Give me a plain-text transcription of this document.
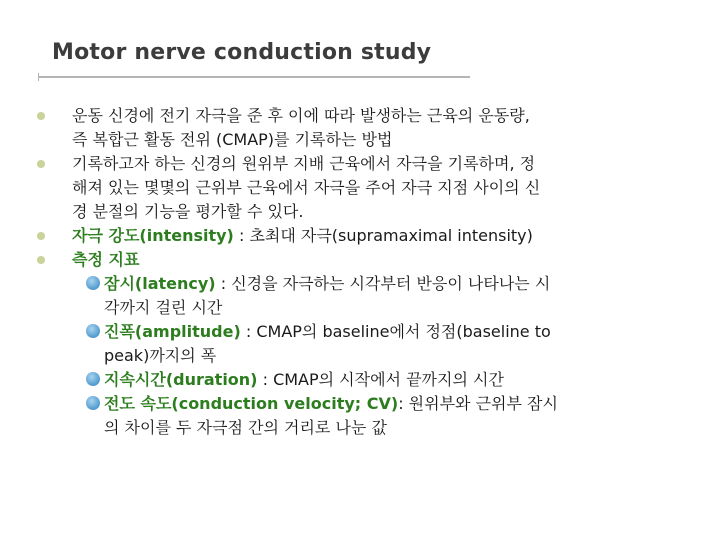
Motor nerve conduction study
운동 신경에 전기 자극을 준 후 이에 따라 발생하는 근육의 운동량,
즉 복합근 활동 전위 (CMAP)를 기록하는 방법
기록하고자 하는 신경의 원위부 지배 근육에서 자극을 기록하며, 정
해져 있는 몇몇의 근위부 근육에서 자극을 주어 자극 지점 사이의 신
경 분절의 기능을 평가할 수 있다.
자극 강도(intensity) : 초최대 자극(supramaximal intensity)
측정 지표
잠시(latency) : 신경을 자극하는 시각부터 반응이 나타나는 시
각까지 걸린 시간
진폭(amplitude) : CMAP의 baseline에서 정점(baseline to
peak)까지의 폭
지속시간(duration) : CMAP의 시작에서 끝까지의 시간
전도 속도(conduction velocity; CV): 원위부와 근위부 잠시
의 차이를 두 자극점 간의 거리로 나눈 값
